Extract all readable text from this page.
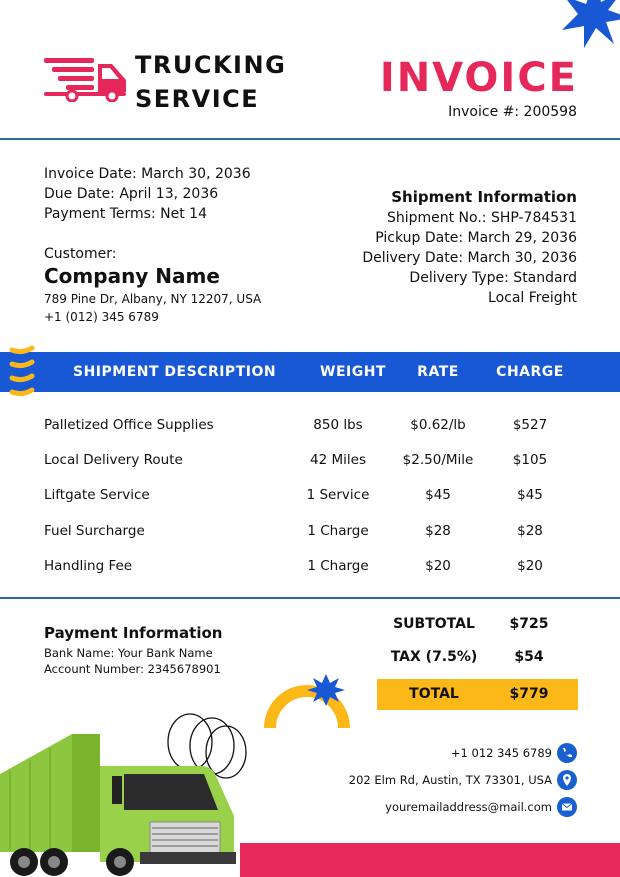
TRUCKING
SERVICE	INVOICE
Invoice #: 200598
Invoice Date: March 30, 2036
Due Date: April 13, 2036
Payment Terms: Net 14
Customer:
Company Name
789 Pine Dr, Albany, NY 12207, USA
+1 (012) 345 6789
Shipment Information
Shipment No.: SHP-784531
Pickup Date: March 29, 2036
Delivery Date: March 30, 2036
Delivery Type: Standard
Local Freight
SHIPMENT DESCRIPTION	WEIGHT RATE	CHARGE
Palletized Office Supplies	850 lbs	$0.62/lb	$527
Local Delivery Route	42 Miles	$2.50/Mile	$105
Liftgate Service	1 Service	$45	$45
Fuel Surcharge	1 Charge	$28	$28
Handling Fee	1 Charge	$20	$20
Payment Information
Bank Name: Your Bank Name
Account Number: 2345678901
SUBTOTAL $725
TAX (7.5%)	$54
TOTAL	$779
+1 012 345 6789
202 Elm Rd, Austin, TX 73301, USA
youremailaddress@mail.com
